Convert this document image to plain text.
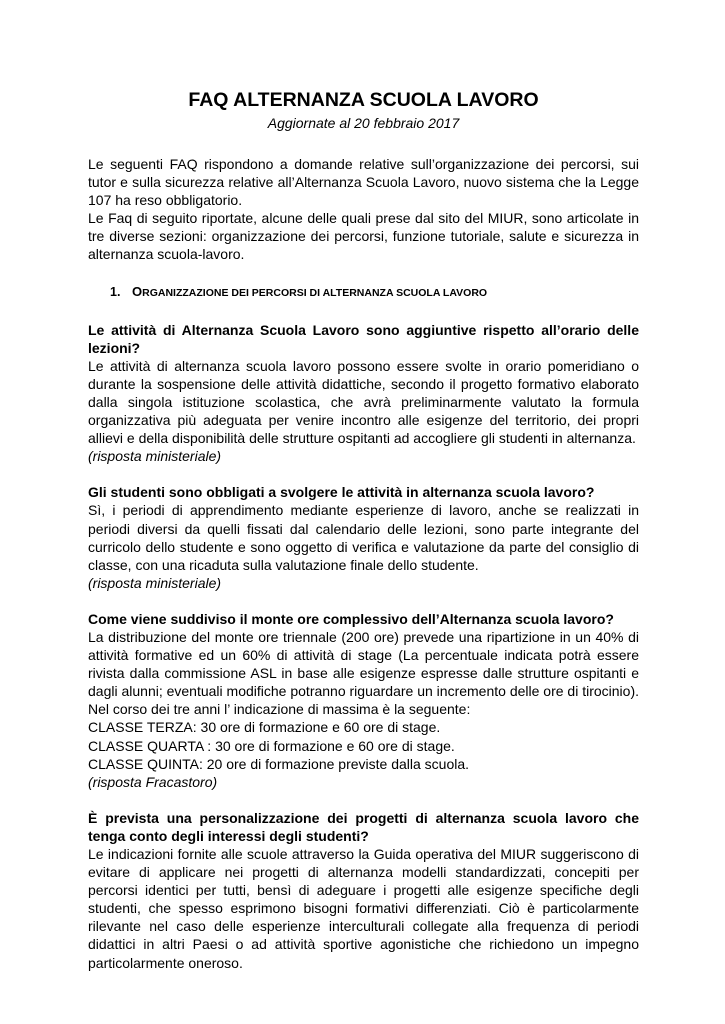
FAQ ALTERNANZA SCUOLA LAVORO

Aggiornate al 20 febbraio 2017

Le seguenti FAQ rispondono a domande relative sull’organizzazione dei percorsi, sui tutor e sulla sicurezza relative all’Alternanza Scuola Lavoro, nuovo sistema che la Legge 107 ha reso obbligatorio.

Le Faq di seguito riportate, alcune delle quali prese dal sito del MIUR, sono articolate in tre diverse sezioni: organizzazione dei percorsi, funzione tutoriale, salute e sicurezza in alternanza scuola-lavoro.

1. ORGANIZZAZIONE DEI PERCORSI DI ALTERNANZA SCUOLA LAVORO

Le attività di Alternanza Scuola Lavoro sono aggiuntive rispetto all’orario delle lezioni?

Le attività di alternanza scuola lavoro possono essere svolte in orario pomeridiano o durante la sospensione delle attività didattiche, secondo il progetto formativo elaborato dalla singola istituzione scolastica, che avrà preliminarmente valutato la formula organizzativa più adeguata per venire incontro alle esigenze del territorio, dei propri allievi e della disponibilità delle strutture ospitanti ad accogliere gli studenti in alternanza.

(risposta ministeriale)

Gli studenti sono obbligati a svolgere le attività in alternanza scuola lavoro?

Sì, i periodi di apprendimento mediante esperienze di lavoro, anche se realizzati in periodi diversi da quelli fissati dal calendario delle lezioni, sono parte integrante del curricolo dello studente e sono oggetto di verifica e valutazione da parte del consiglio di classe, con una ricaduta sulla valutazione finale dello studente.

(risposta ministeriale)

Come viene suddiviso il monte ore complessivo dell’Alternanza scuola lavoro?

La distribuzione del monte ore triennale (200 ore) prevede una ripartizione in un 40% di attività formative ed un 60% di attività di stage (La percentuale indicata potrà essere rivista dalla commissione ASL in base alle esigenze espresse dalle strutture ospitanti e dagli alunni; eventuali modifiche potranno riguardare un incremento delle ore di tirocinio).

Nel corso dei tre anni l’ indicazione di massima è la seguente:

CLASSE TERZA: 30 ore di formazione e 60 ore di stage.

CLASSE QUARTA : 30 ore di formazione e 60 ore di stage.

CLASSE QUINTA: 20 ore di formazione previste dalla scuola.

(risposta Fracastoro)

È prevista una personalizzazione dei progetti di alternanza scuola lavoro che tenga conto degli interessi degli studenti?

Le indicazioni fornite alle scuole attraverso la Guida operativa del MIUR suggeriscono di evitare di applicare nei progetti di alternanza modelli standardizzati, concepiti per percorsi identici per tutti, bensì di adeguare i progetti alle esigenze specifiche degli studenti, che spesso esprimono bisogni formativi differenziati. Ciò è particolarmente rilevante nel caso delle esperienze interculturali collegate alla frequenza di periodi didattici in altri Paesi o ad attività sportive agonistiche che richiedono un impegno particolarmente oneroso.
